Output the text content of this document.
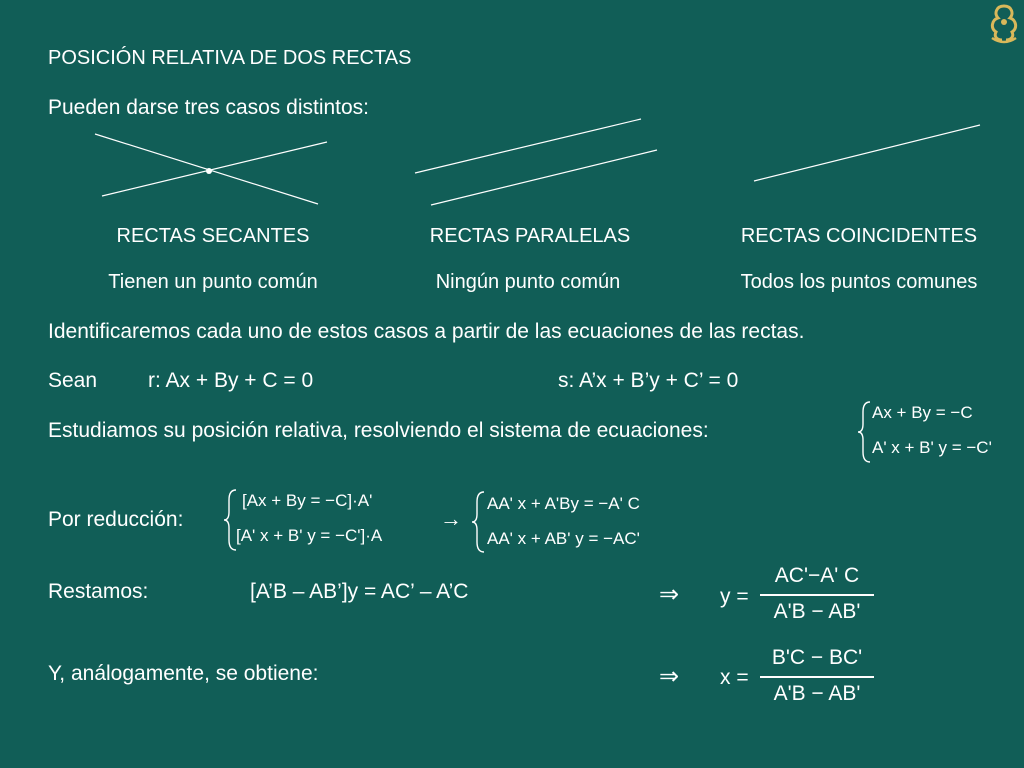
POSICIÓN RELATIVA DE DOS RECTAS
Pueden darse tres casos distintos:
RECTAS SECANTES	RECTAS PARALELAS	RECTAS COINCIDENTES
Tienen un punto común	Ningún punto común	Todos los puntos comunes
Identificaremos cada uno de estos casos a partir de las ecuaciones de las rectas.
Sean r: Ax + By + C = 0	s: A’x + B’y + C’ = 0
Estudiamos su posición relativa, resolviendo el sistema de ecuaciones:
Ax + By = −C
A' x + B' y = −C'
Por reducción:
[Ax + By = −C]·A'
[A' x + B' y = −C']·A
→
AA' x + A'By = −A' C
AA' x + AB' y = −AC'
Restamos:	[A’B – AB’]y = AC’ – A’C	⇒ y =
AC'−A' C
A'B − AB'
Y, análogamente, se obtiene:	⇒ x =
B'C − BC'
A'B − AB'
